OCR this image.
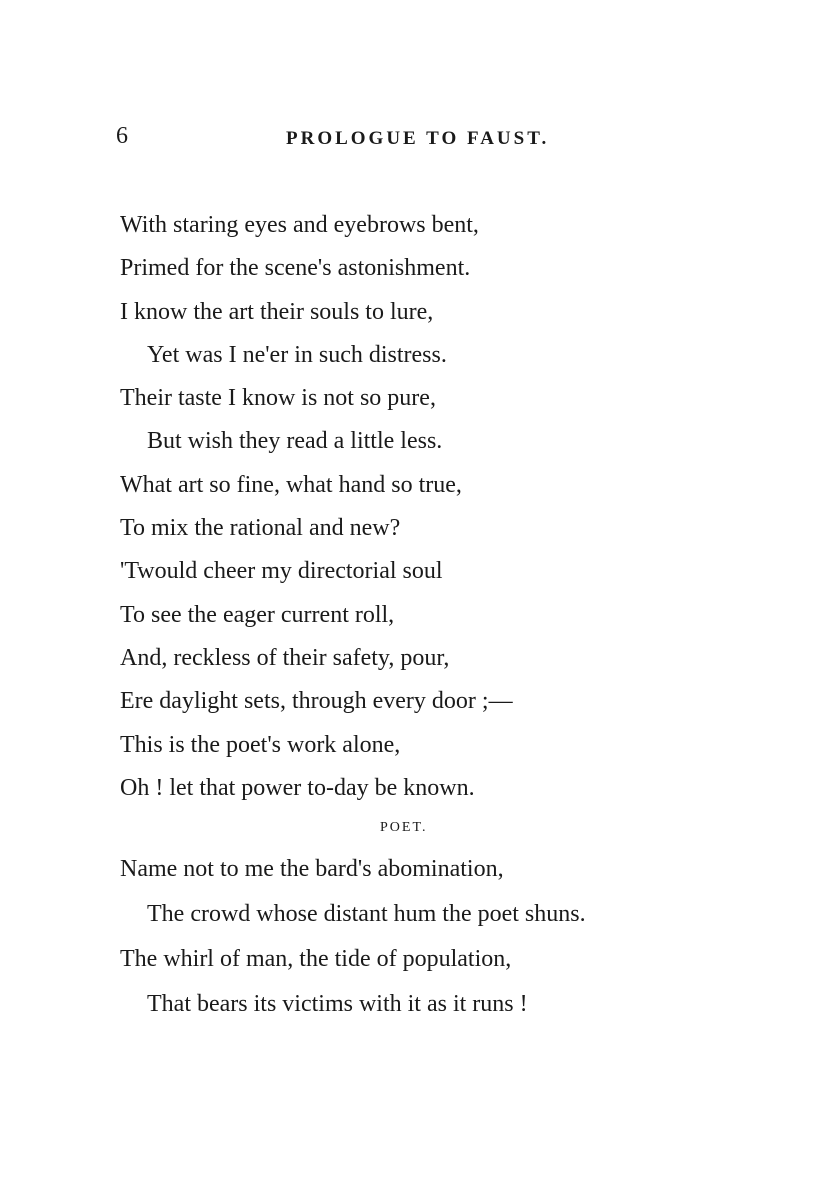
6	PROLOGUE TO FAUST.
With staring eyes and eyebrows bent,
Primed for the scene's astonishment.
I know the art their souls to lure,
Yet was I ne'er in such distress.
Their taste I know is not so pure,
But wish they read a little less.
What art so fine, what hand so true,
To mix the rational and new?
'Twould cheer my directorial soul
To see the eager current roll,
And, reckless of their safety, pour,
Ere daylight sets, through every door ;—
This is the poet's work alone,
Oh ! let that power to-day be known.
POET.
Name not to me the bard's abomination,
The crowd whose distant hum the poet shuns.
The whirl of man, the tide of population,
That bears its victims with it as it runs !
